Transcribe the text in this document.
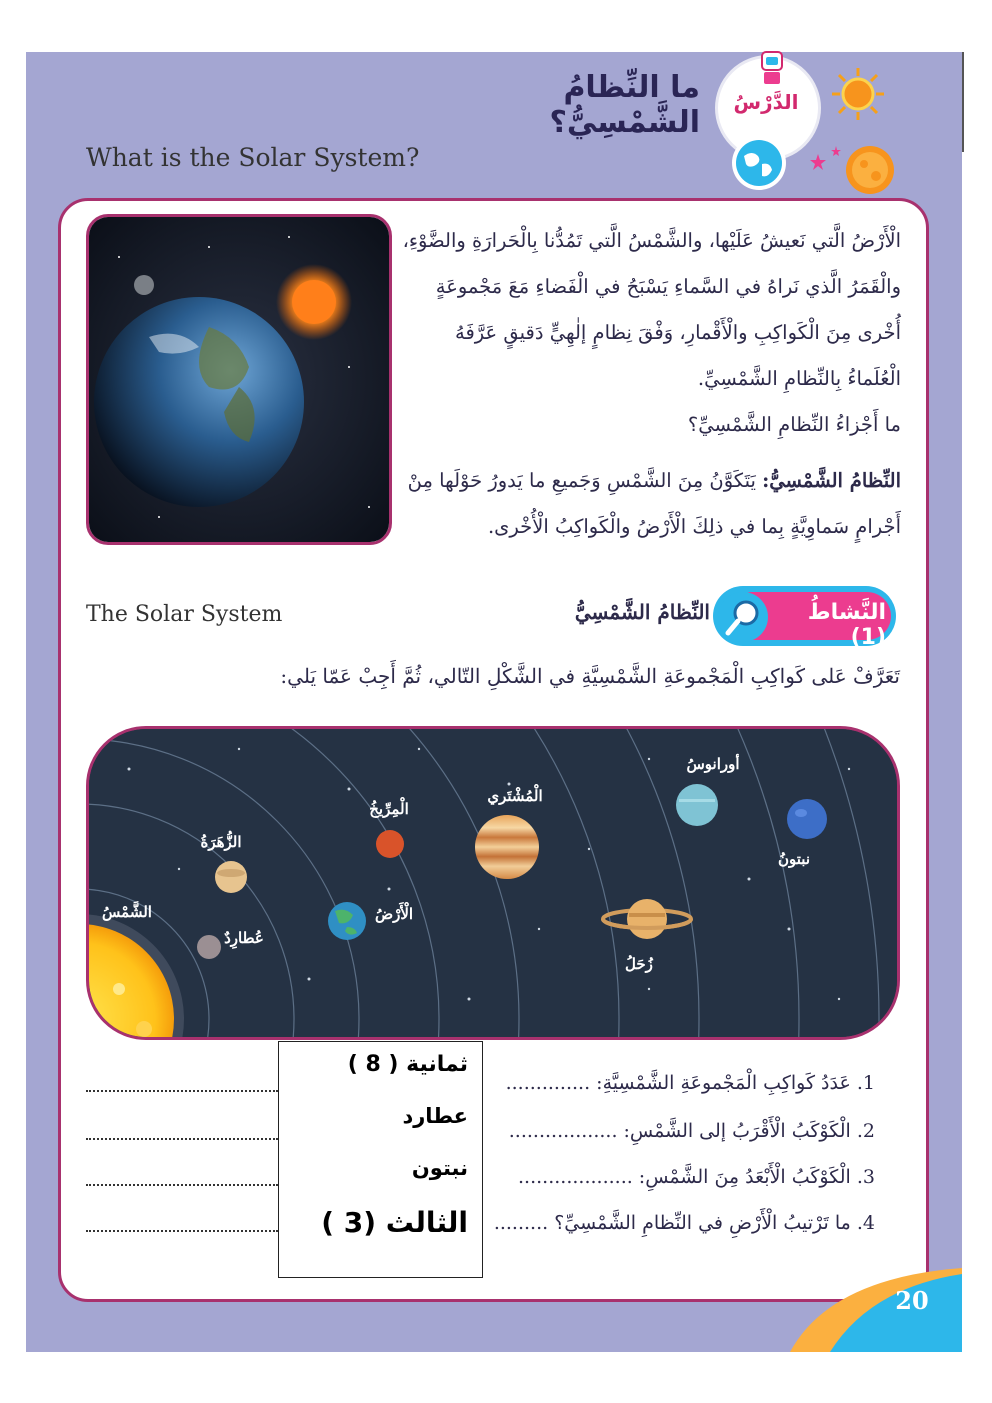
ما النِّظامُ الشَّمْسِيُّ؟
What is the Solar System?
الدَّرْسُ
الْأَرْضُ الَّتي نَعيشُ عَلَيْها، والشَّمْسُ الَّتي تَمُدُّنا بِالْحَرارَةِ والضَّوْءِ، والْقَمَرُ الَّذي نَراهُ في السَّماءِ يَسْبَحُ في الْفَضاءِ مَعَ مَجْموعَةٍ أُخْرى مِنَ الْكَواكِبِ والْأَقْمارِ، وَفْقَ نِظامٍ إلٰهِيٍّ دَقيقٍ عَرَّفَهُ الْعُلَماءُ بِالنِّظامِ الشَّمْسِيِّ.
ما أَجْزاءُ النِّظامِ الشَّمْسِيِّ؟
النِّظامُ الشَّمْسِيُّ: يَتَكَوَّنُ مِنَ الشَّمْسِ وَجَميعِ ما يَدورُ حَوْلَها مِنْ أَجْرامٍ سَماوِيَّةٍ بِما في ذلِكَ الْأَرْضُ والْكَواكِبُ الْأُخْرى.
The Solar System	النَّشاطُ (1)
النِّظامُ الشَّمْسِيُّ
تَعَرَّفْ عَلى كَواكِبِ الْمَجْموعَةِ الشَّمْسِيَّةِ في الشَّكْلِ التّالي، ثُمَّ أَجِبْ عَمّا يَلي:
الشَّمْسُ
عُطارِدٌ
الزُّهَرَةُ
الْأَرْضُ
الْمِرِّيخُ
الْمُشْتَري
زُحَلُ
أورانوسُ
نبتونُ
1. عَدَدُ كَواكِبِ الْمَجْموعَةِ الشَّمْسِيَّةِ: ..............
2. الْكَوْكَبُ الْأَقْرَبُ إلى الشَّمْسِ: ..................
3. الْكَوْكَبُ الْأَبْعَدُ مِنَ الشَّمْسِ: ...................
4. ما تَرْتيبُ الْأَرْضِ في النِّظامِ الشَّمْسِيِّ؟ .........
ثمانية ( 8 )
عطارد
نبتون
الثالث (3 )
20
